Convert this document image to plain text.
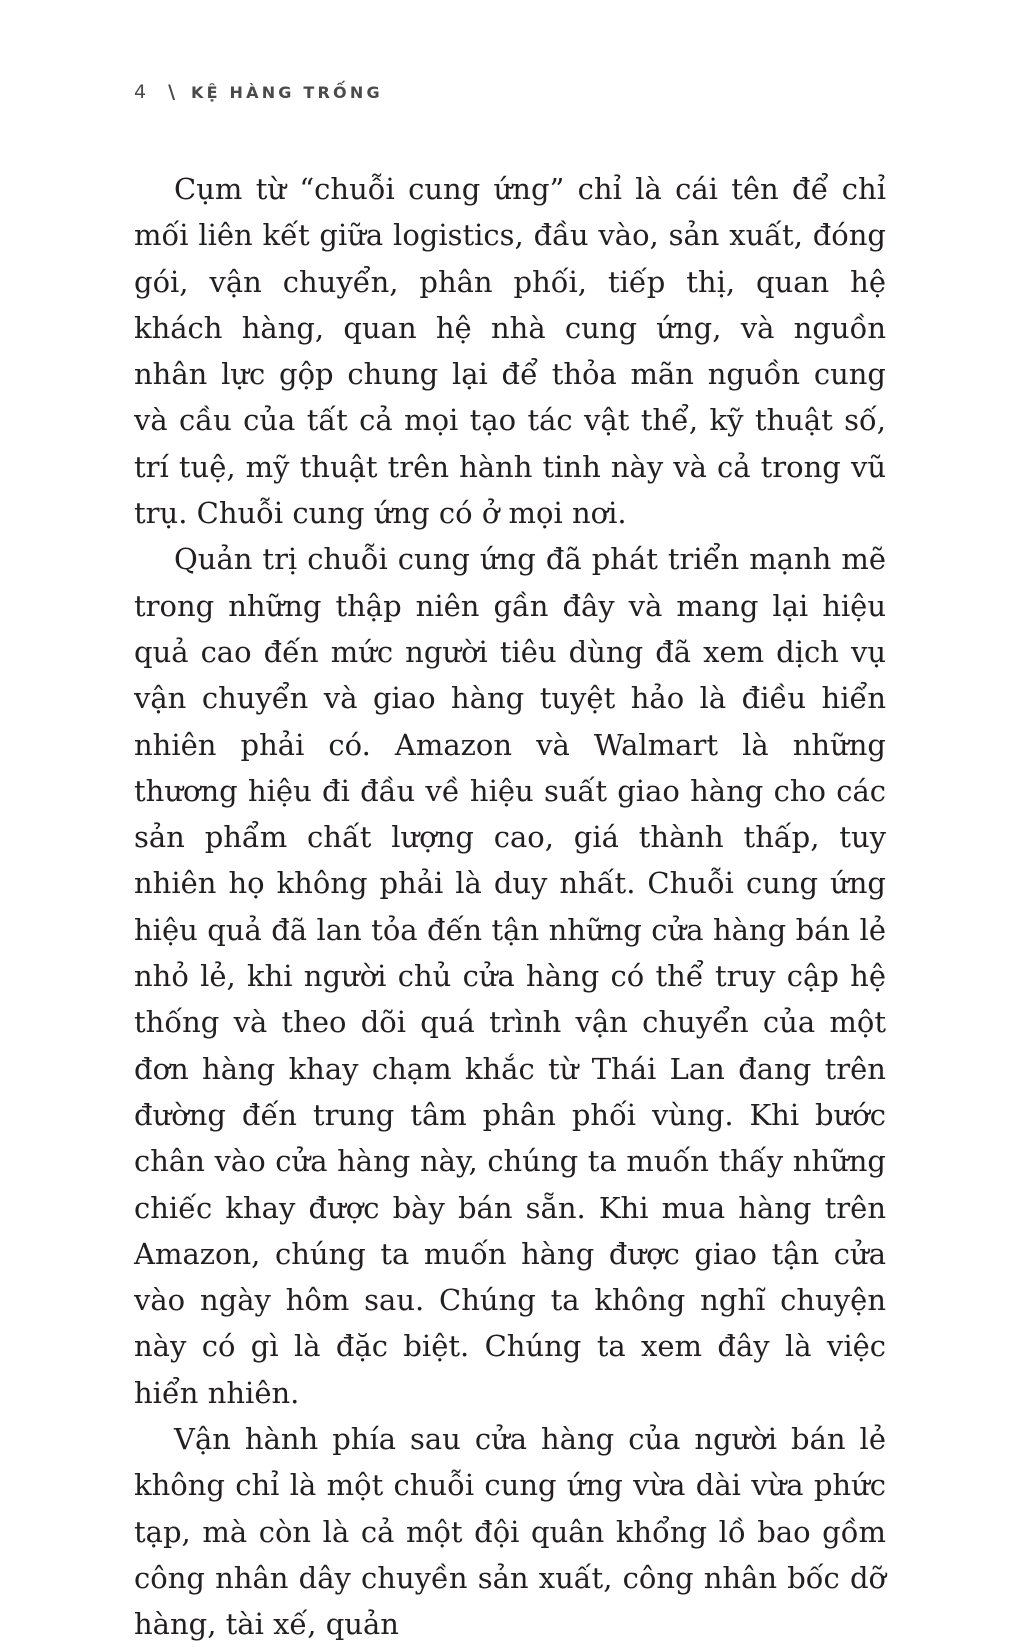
4 \ KỆ HÀNG TRỐNG

Cụm từ “chuỗi cung ứng” chỉ là cái tên để chỉ mối liên kết giữa logistics, đầu vào, sản xuất, đóng gói, vận chuyển, phân phối, tiếp thị, quan hệ khách hàng, quan hệ nhà cung ứng, và nguồn nhân lực gộp chung lại để thỏa mãn nguồn cung và cầu của tất cả mọi tạo tác vật thể, kỹ thuật số, trí tuệ, mỹ thuật trên hành tinh này và cả trong vũ trụ. Chuỗi cung ứng có ở mọi nơi.

Quản trị chuỗi cung ứng đã phát triển mạnh mẽ trong những thập niên gần đây và mang lại hiệu quả cao đến mức người tiêu dùng đã xem dịch vụ vận chuyển và giao hàng tuyệt hảo là điều hiển nhiên phải có. Amazon và Walmart là những thương hiệu đi đầu về hiệu suất giao hàng cho các sản phẩm chất lượng cao, giá thành thấp, tuy nhiên họ không phải là duy nhất. Chuỗi cung ứng hiệu quả đã lan tỏa đến tận những cửa hàng bán lẻ nhỏ lẻ, khi người chủ cửa hàng có thể truy cập hệ thống và theo dõi quá trình vận chuyển của một đơn hàng khay chạm khắc từ Thái Lan đang trên đường đến trung tâm phân phối vùng. Khi bước chân vào cửa hàng này, chúng ta muốn thấy những chiếc khay được bày bán sẵn. Khi mua hàng trên Amazon, chúng ta muốn hàng được giao tận cửa vào ngày hôm sau. Chúng ta không nghĩ chuyện này có gì là đặc biệt. Chúng ta xem đây là việc hiển nhiên.

Vận hành phía sau cửa hàng của người bán lẻ không chỉ là một chuỗi cung ứng vừa dài vừa phức tạp, mà còn là cả một đội quân khổng lồ bao gồm công nhân dây chuyền sản xuất, công nhân bốc dỡ hàng, tài xế, quản
